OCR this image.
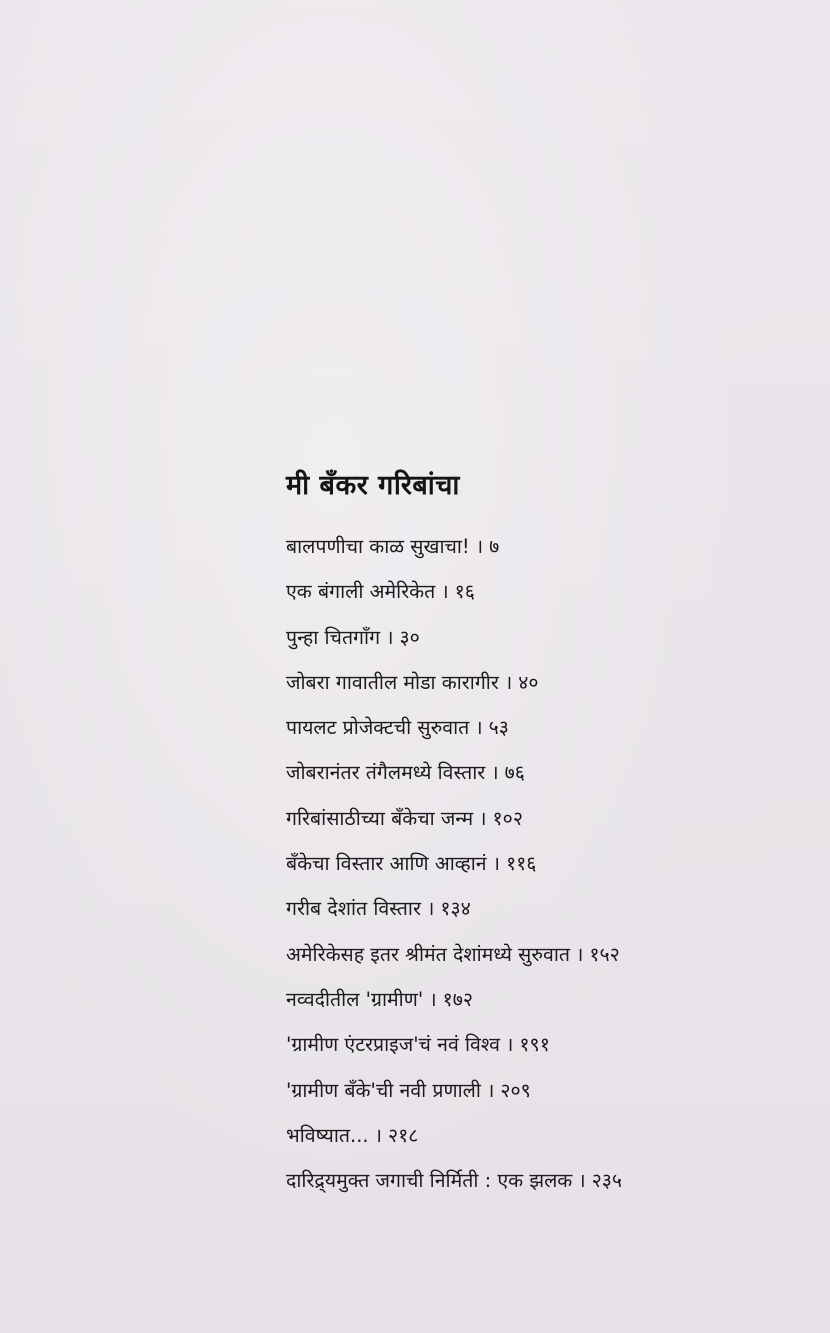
मी बँकर गरिबांचा
बालपणीचा काळ सुखाचा! । ७
एक बंगाली अमेरिकेत । १६
पुन्हा चितगाँग । ३०
जोबरा गावातील मोडा कारागीर । ४०
पायलट प्रोजेक्टची सुरुवात । ५३
जोबरानंतर तंगैलमध्ये विस्तार । ७६
गरिबांसाठीच्या बँकेचा जन्म । १०२
बँकेचा विस्तार आणि आव्हानं । ११६
गरीब देशांत विस्तार । १३४
अमेरिकेसह इतर श्रीमंत देशांमध्ये सुरुवात । १५२
नव्वदीतील 'ग्रामीण' । १७२
'ग्रामीण एंटरप्राइज'चं नवं विश्व । १९१
'ग्रामीण बँके'ची नवी प्रणाली । २०९
भविष्यात... । २१८
दारिद्र्यमुक्त जगाची निर्मिती : एक झलक । २३५
